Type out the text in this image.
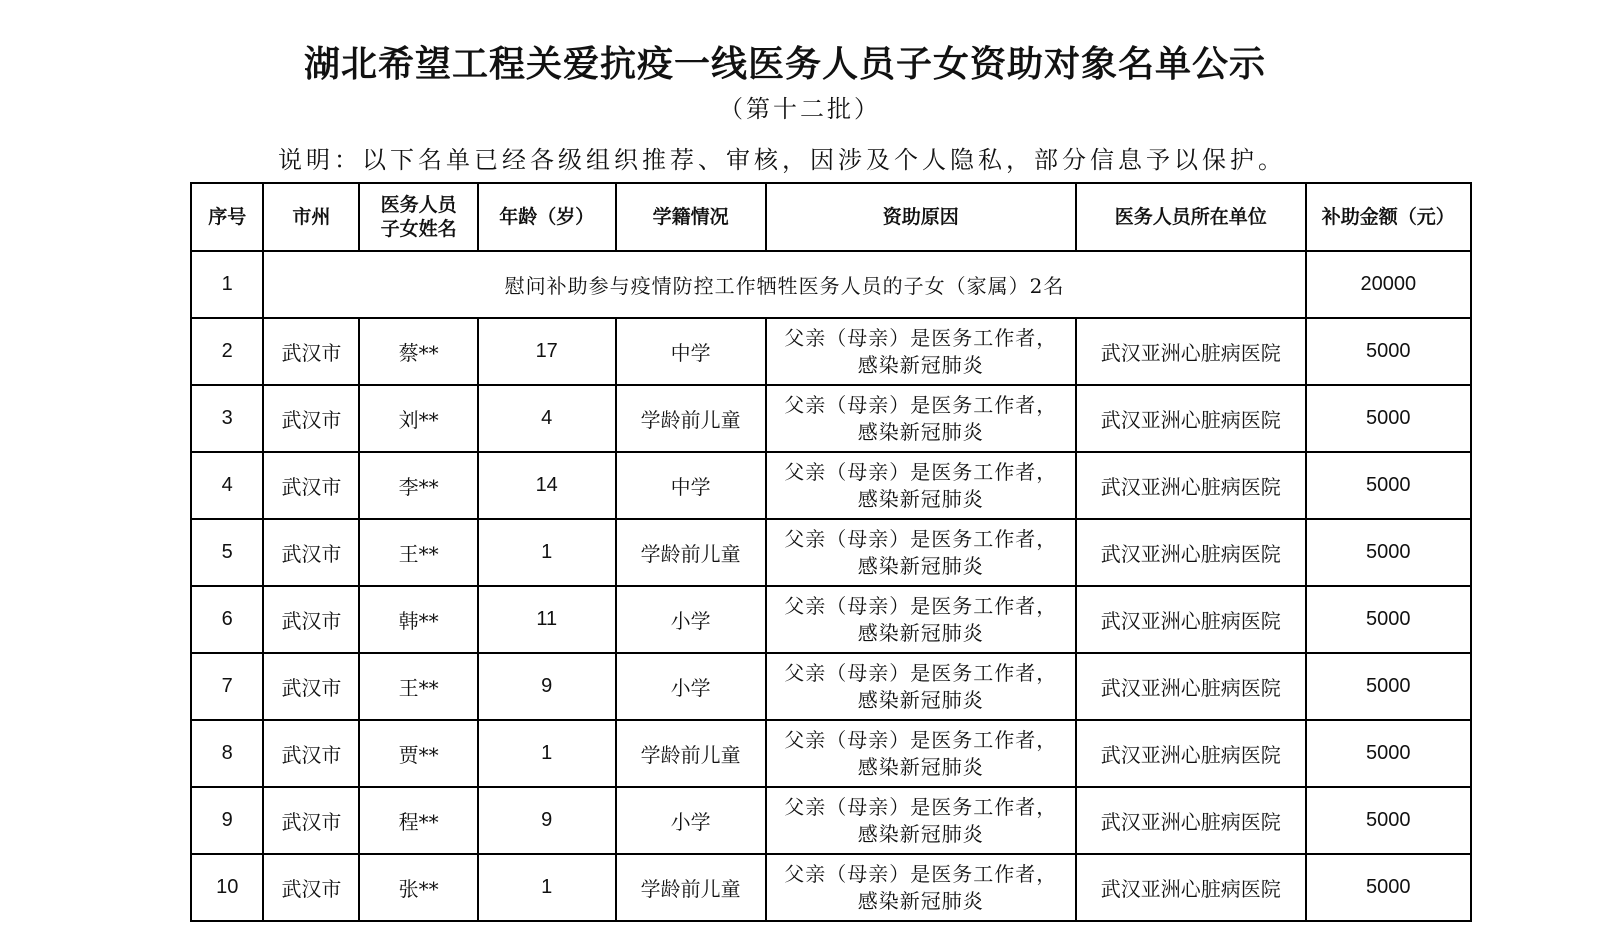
湖北希望工程关爱抗疫一线医务人员子女资助对象名单公示
（第十二批）
说明：以下名单已经各级组织推荐、审核，因涉及个人隐私，部分信息予以保护。
序号	市州	医务人员
子女姓名	年龄（岁）	学籍情况	资助原因	医务人员所在单位	补助金额（元）
1	慰问补助参与疫情防控工作牺牲医务人员的子女（家属）2名						20000
2	武汉市	蔡**	17	中学	父亲（母亲）是医务工作者，
感染新冠肺炎	武汉亚洲心脏病医院	5000
3	武汉市	刘**	4	学龄前儿童	父亲（母亲）是医务工作者，
感染新冠肺炎	武汉亚洲心脏病医院	5000
4	武汉市	李**	14	中学	父亲（母亲）是医务工作者，
感染新冠肺炎	武汉亚洲心脏病医院	5000
5	武汉市	王**	1	学龄前儿童	父亲（母亲）是医务工作者，
感染新冠肺炎	武汉亚洲心脏病医院	5000
6	武汉市	韩**	11	小学	父亲（母亲）是医务工作者，
感染新冠肺炎	武汉亚洲心脏病医院	5000
7	武汉市	王**	9	小学	父亲（母亲）是医务工作者，
感染新冠肺炎	武汉亚洲心脏病医院	5000
8	武汉市	贾**	1	学龄前儿童	父亲（母亲）是医务工作者，
感染新冠肺炎	武汉亚洲心脏病医院	5000
9	武汉市	程**	9	小学	父亲（母亲）是医务工作者，
感染新冠肺炎	武汉亚洲心脏病医院	5000
10	武汉市	张**	1	学龄前儿童	父亲（母亲）是医务工作者，
感染新冠肺炎	武汉亚洲心脏病医院	5000
